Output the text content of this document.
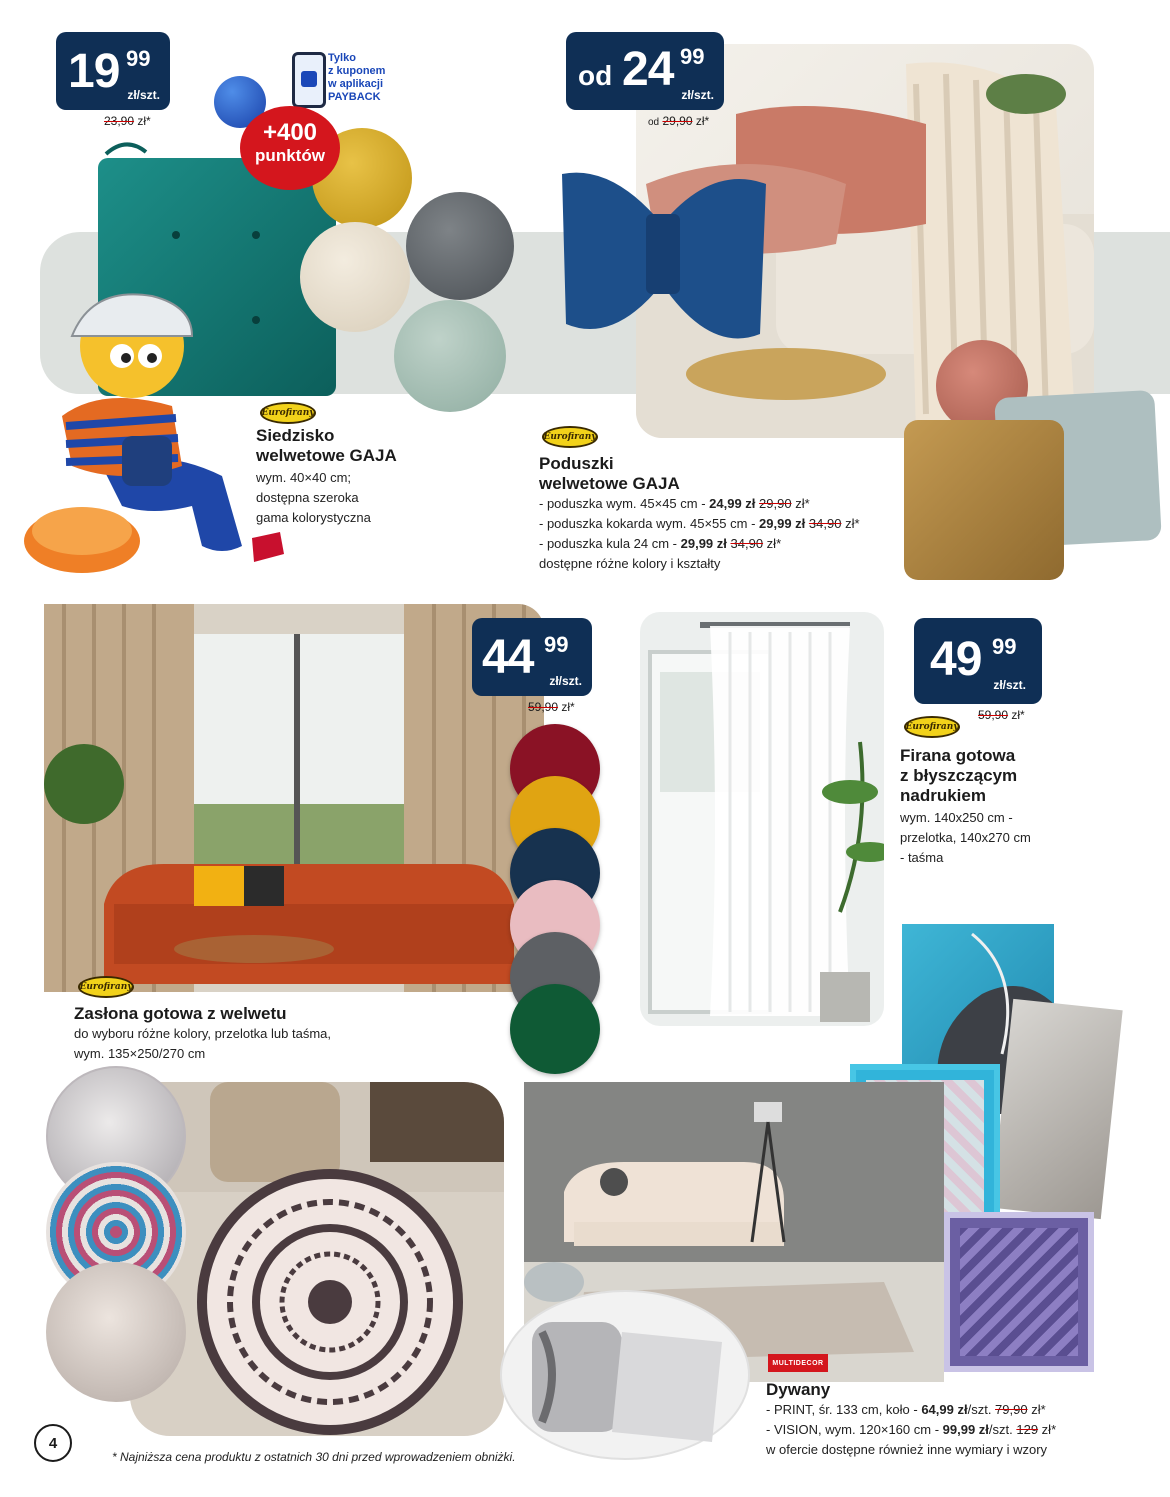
19 99
zł/szt.
23,90 zł*
Tylko
z kuponem
w aplikacji
PAYBACK
+400
punktów
Eurofirany
Siedzisko
welwetowe GAJA
wym. 40×40 cm;
dostępna szeroka
gama kolorystyczna
od 24 99
zł/szt.
od 29,90 zł*
Eurofirany
Poduszki
welwetowe GAJA
- poduszka wym. 45×45 cm - 24,99 zł 29,90 zł*
- poduszka kokarda wym. 45×55 cm - 29,99 zł 34,90 zł*
- poduszka kula 24 cm - 29,99 zł 34,90 zł*
dostępne różne kolory i kształty
44 99
zł/szt.
59,90 zł*
Eurofirany
Zasłona gotowa z welwetu
do wyboru różne kolory, przelotka lub taśma,
wym. 135×250/270 cm
49 99
zł/szt.
59,90 zł*
Eurofirany
Firana gotowa
z błyszczącym
nadrukiem
wym. 140x250 cm -
przelotka, 140x270 cm
- taśma
MULTIDECOR
Dywany
- PRINT, śr. 133 cm, koło - 64,99 zł/szt. 79,90 zł*
- VISION, wym. 120×160 cm - 99,99 zł/szt. 129 zł*
w ofercie dostępne również inne wymiary i wzory
4
* Najniższa cena produktu z ostatnich 30 dni przed wprowadzeniem obniżki.
